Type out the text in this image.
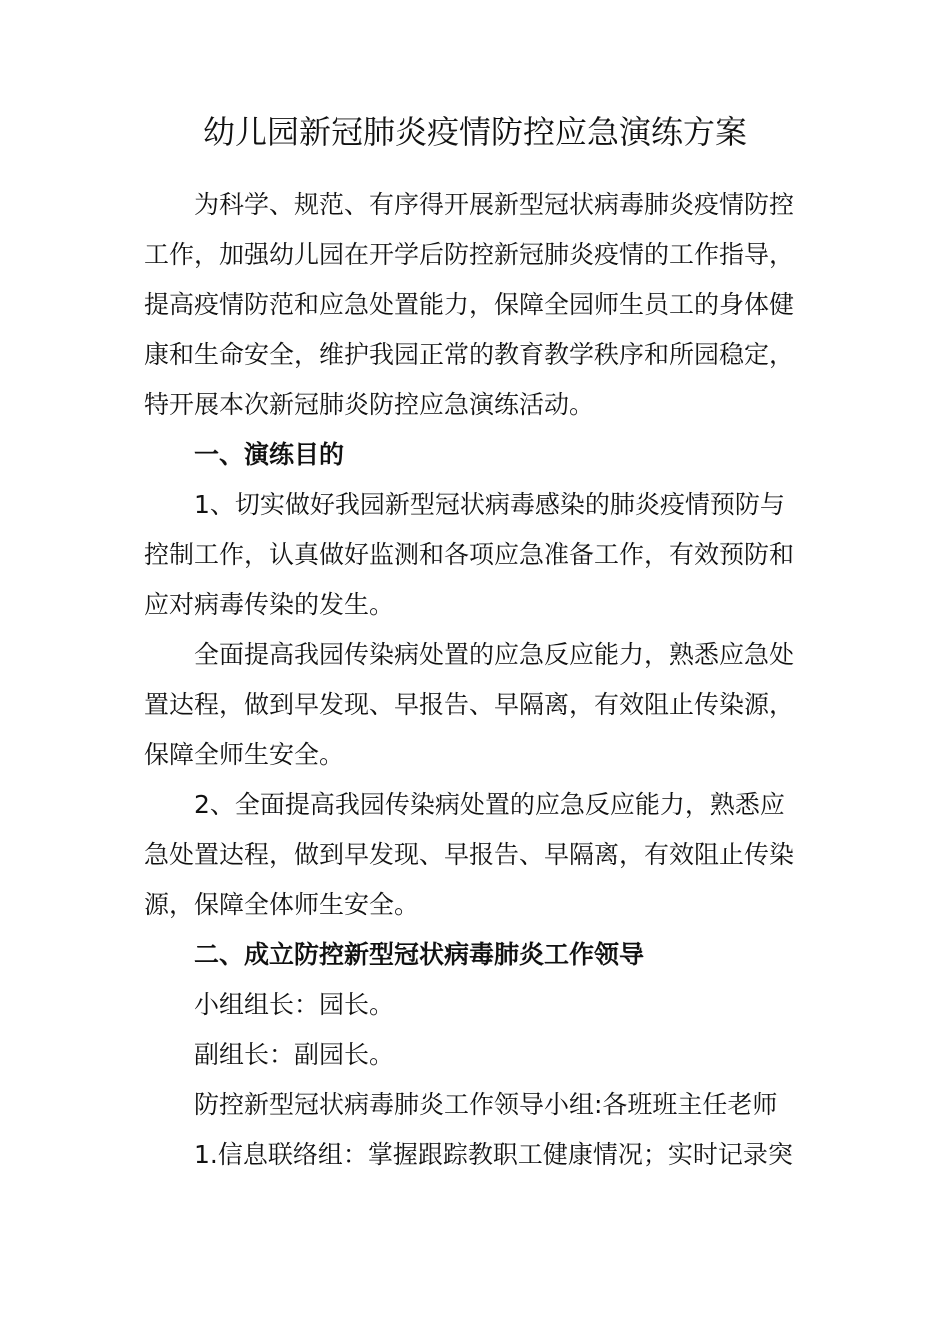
幼儿园新冠肺炎疫情防控应急演练方案
为科学、规范、有序得开展新型冠状病毒肺炎疫情防控
工作，加强幼儿园在开学后防控新冠肺炎疫情的工作指导，
提高疫情防范和应急处置能力，保障全园师生员工的身体健
康和生命安全，维护我园正常的教育教学秩序和所园稳定，
特开展本次新冠肺炎防控应急演练活动。
一、演练目的
1、切实做好我园新型冠状病毒感染的肺炎疫情预防与
控制工作，认真做好监测和各项应急准备工作，有效预防和
应对病毒传染的发生。
全面提高我园传染病处置的应急反应能力，熟悉应急处
置达程，做到早发现、早报告、早隔离，有效阻止传染源，
保障全师生安全。
2、全面提高我园传染病处置的应急反应能力，熟悉应
急处置达程，做到早发现、早报告、早隔离，有效阻止传染
源，保障全体师生安全。
二、成立防控新型冠状病毒肺炎工作领导
小组组长：园长。
副组长：副园长。
防控新型冠状病毒肺炎工作领导小组:各班班主任老师
1.信息联络组：掌握跟踪教职工健康情况；实时记录突
